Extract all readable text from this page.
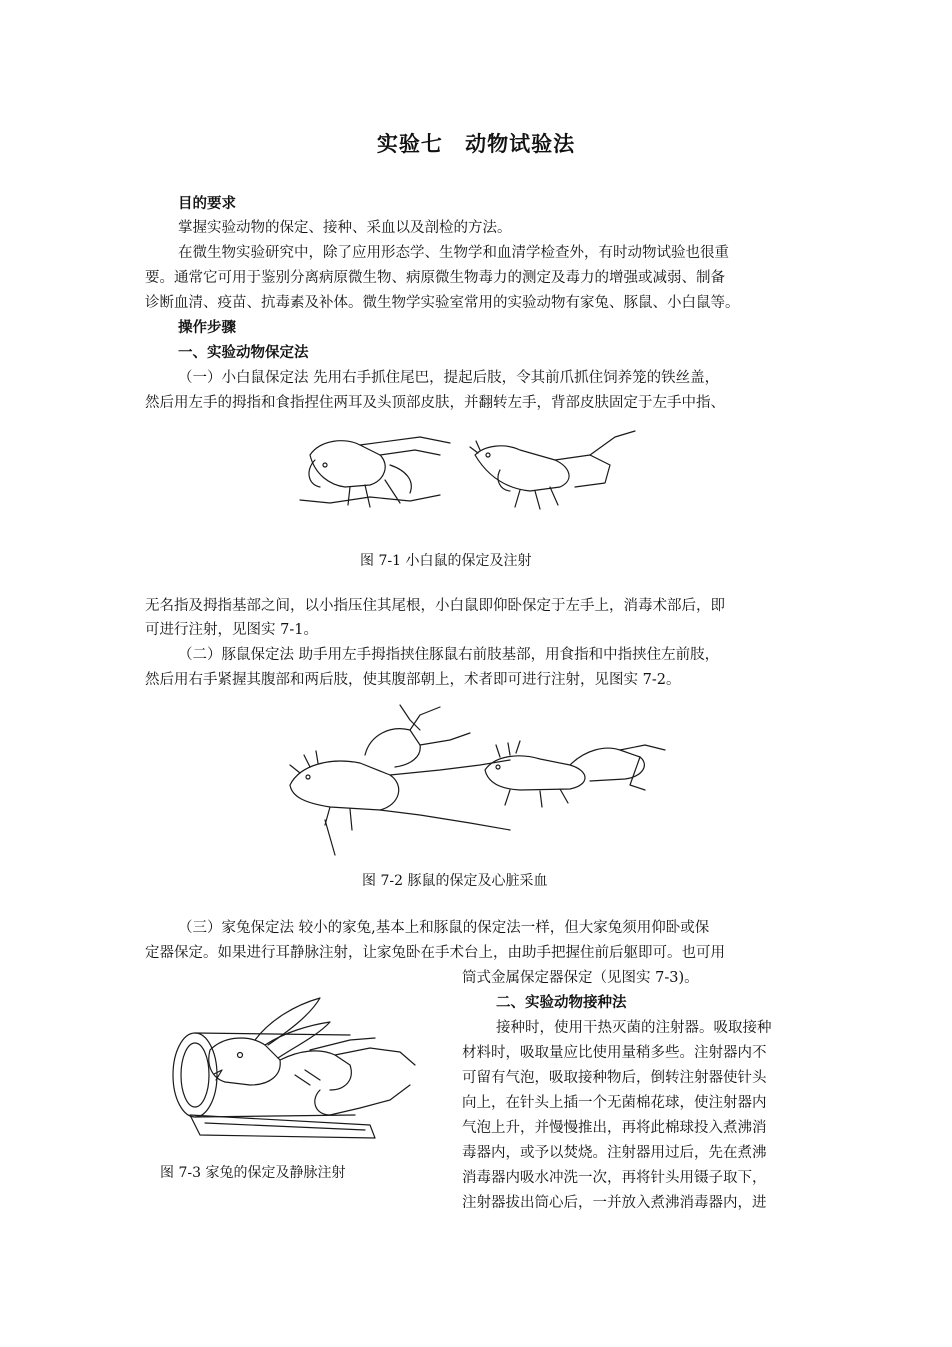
实验七 动物试验法
目的要求
掌握实验动物的保定、接种、采血以及剖检的方法。
在微生物实验研究中，除了应用形态学、生物学和血清学检查外，有时动物试验也很重
要。通常它可用于鉴别分离病原微生物、病原微生物毒力的测定及毒力的增强或减弱、制备
诊断血清、疫苗、抗毒素及补体。微生物学实验室常用的实验动物有家兔、豚鼠、小白鼠等。
操作步骤
一、实验动物保定法
（一）小白鼠保定法 先用右手抓住尾巴，提起后肢，令其前爪抓住饲养笼的铁丝盖，
然后用左手的拇指和食指捏住两耳及头顶部皮肤，并翻转左手，背部皮肤固定于左手中指、
图 7-1 小白鼠的保定及注射
无名指及拇指基部之间，以小指压住其尾根，小白鼠即仰卧保定于左手上，消毒术部后，即
可进行注射，见图实 7-1。
（二）豚鼠保定法 助手用左手拇指挟住豚鼠右前肢基部，用食指和中指挟住左前肢，
然后用右手紧握其腹部和两后肢，使其腹部朝上，术者即可进行注射，见图实 7-2。
图 7-2 豚鼠的保定及心脏采血
（三）家兔保定法 较小的家兔,基本上和豚鼠的保定法一样，但大家兔须用仰卧或保
定器保定。如果进行耳静脉注射，让家兔卧在手术台上，由助手把握住前后躯即可。也可用
筒式金属保定器保定（见图实 7-3)。
图 7-3 家兔的保定及静脉注射
二、实验动物接种法
接种时，使用干热灭菌的注射器。吸取接种
材料时，吸取量应比使用量稍多些。注射器内不
可留有气泡，吸取接种物后，倒转注射器使针头
向上，在针头上插一个无菌棉花球，使注射器内
气泡上升，并慢慢推出，再将此棉球投入煮沸消
毒器内，或予以焚烧。注射器用过后，先在煮沸
消毒器内吸水冲洗一次，再将针头用镊子取下，
注射器拔出筒心后，一并放入煮沸消毒器内，进
